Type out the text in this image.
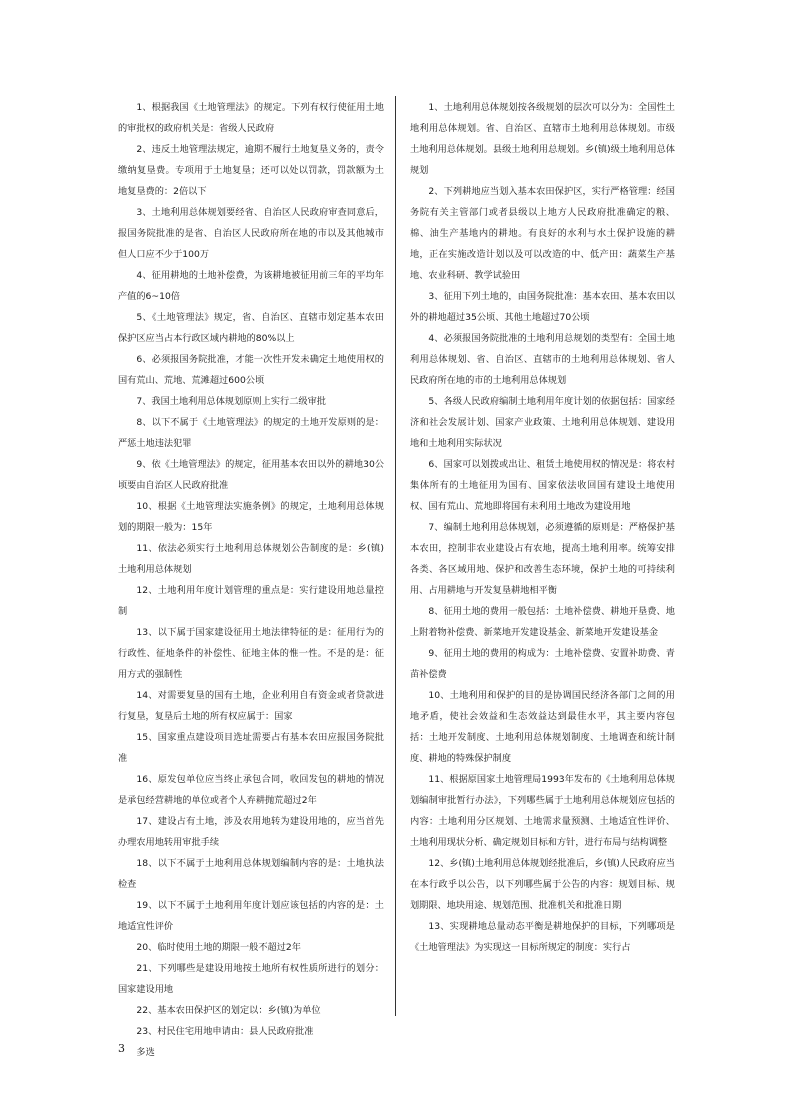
1、根据我国《土地管理法》的规定。下列有权行使征用土地的审批权的政府机关是：省级人民政府

2、违反土地管理法规定，逾期不履行土地复垦义务的，责令缴纳复垦费。专项用于土地复垦；还可以处以罚款，罚款额为土地复垦费的：2倍以下

3、土地利用总体规划要经省、自治区人民政府审查同意后，报国务院批准的是省、自治区人民政府所在地的市以及其他城市但人口应不少于100万

4、征用耕地的土地补偿费，为该耕地被征用前三年的平均年产值的6~10倍

5、《土地管理法》规定，省、自治区、直辖市划定基本农田保护区应当占本行政区域内耕地的80%以上

6、必须报国务院批准，才能一次性开发未确定土地使用权的国有荒山、荒地、荒滩超过600公顷

7、我国土地利用总体规划原则上实行二级审批

8、以下不属于《土地管理法》的规定的土地开发原则的是：严惩土地违法犯罪

9、依《土地管理法》的规定，征用基本农田以外的耕地30公顷要由自治区人民政府批准

10、根据《土地管理法实施条例》的规定，土地利用总体规划的期限一般为：15年

11、依法必须实行土地利用总体规划公告制度的是：乡(镇)土地利用总体规划

12、土地利用年度计划管理的重点是：实行建设用地总量控制

13、以下属于国家建设征用土地法律特征的是：征用行为的行政性、征地条件的补偿性、征地主体的惟一性。不是的是：征用方式的强制性

14、对需要复垦的国有土地，企业利用自有资金或者贷款进行复垦，复垦后土地的所有权应属于：国家

15、国家重点建设项目选址需要占有基本农田应报国务院批准

16、原发包单位应当终止承包合同，收回发包的耕地的情况是承包经营耕地的单位或者个人弃耕抛荒超过2年

17、建设占有土地，涉及农用地转为建设用地的，应当首先办理农用地转用审批手续

18、以下不属于土地利用总体规划编制内容的是：土地执法检查

19、以下不属于土地利用年度计划应该包括的内容的是：土地适宜性评价

20、临时使用土地的期限一般不超过2年

21、下列哪些是建设用地按土地所有权性质所进行的划分：国家建设用地

22、基本农田保护区的划定以：乡(镇)为单位

23、村民住宅用地申请由：县人民政府批准

多选

1、土地利用总体规划按各级规划的层次可以分为：全国性土地利用总体规划。省、自治区、直辖市土地利用总体规划。市级土地利用总体规划。县级土地利用总规划。乡(镇)级土地利用总体规划

2、下列耕地应当划入基本农田保护区，实行严格管理：经国务院有关主管部门或者县级以上地方人民政府批准确定的粮、棉、油生产基地内的耕地。有良好的水利与水土保护设施的耕地，正在实施改造计划以及可以改造的中、低产田：蔬菜生产基地、农业科研、教学试验田

3、征用下列土地的，由国务院批准：基本农田、基本农田以外的耕地超过35公顷、其他土地超过70公顷

4、必须报国务院批准的土地利用总规划的类型有：全国土地利用总体规划、省、自治区、直辖市的土地利用总体规划、省人民政府所在地的市的土地利用总体规划

5、各级人民政府编制土地利用年度计划的依据包括：国家经济和社会发展计划、国家产业政策、土地利用总体规划、建设用地和土地利用实际状况

6、国家可以划拨或出让、租赁土地使用权的情况是：将农村集体所有的土地征用为国有、国家依法收回国有建设土地使用权、国有荒山、荒地即将国有未利用土地改为建设用地

7、编制土地利用总体规划，必须遵循的原则是：严格保护基本农田，控制非农业建设占有农地，提高土地利用率。统筹安排各类、各区域用地、保护和改善生态环境，保护土地的可持续利用、占用耕地与开发复垦耕地相平衡

8、征用土地的费用一般包括：土地补偿费、耕地开垦费、地上附着物补偿费、新菜地开发建设基金、新菜地开发建设基金

9、征用土地的费用的构成为：土地补偿费、安置补助费、青苗补偿费

10、土地利用和保护的目的是协调国民经济各部门之间的用地矛盾，使社会效益和生态效益达到最佳水平，其主要内容包括：土地开发制度、土地利用总体规划制度、土地调查和统计制度、耕地的特殊保护制度

11、根据原国家土地管理局1993年发布的《土地利用总体规划编制审批暂行办法》，下列哪些属于土地利用总体规划应包括的内容：土地利用分区规划、土地需求量预测、土地适宜性评价、土地利用现状分析、确定规划目标和方针，进行布局与结构调整

12、乡(镇)土地利用总体规划经批准后，乡(镇)人民政府应当在本行政乎以公告，以下列哪些属于公告的内容：规划目标、规划期限、地块用途、规划范围、批准机关和批准日期

13、实现耕地总量动态平衡是耕地保护的目标，下列哪项是《土地管理法》为实现这一目标所规定的制度：实行占

3
